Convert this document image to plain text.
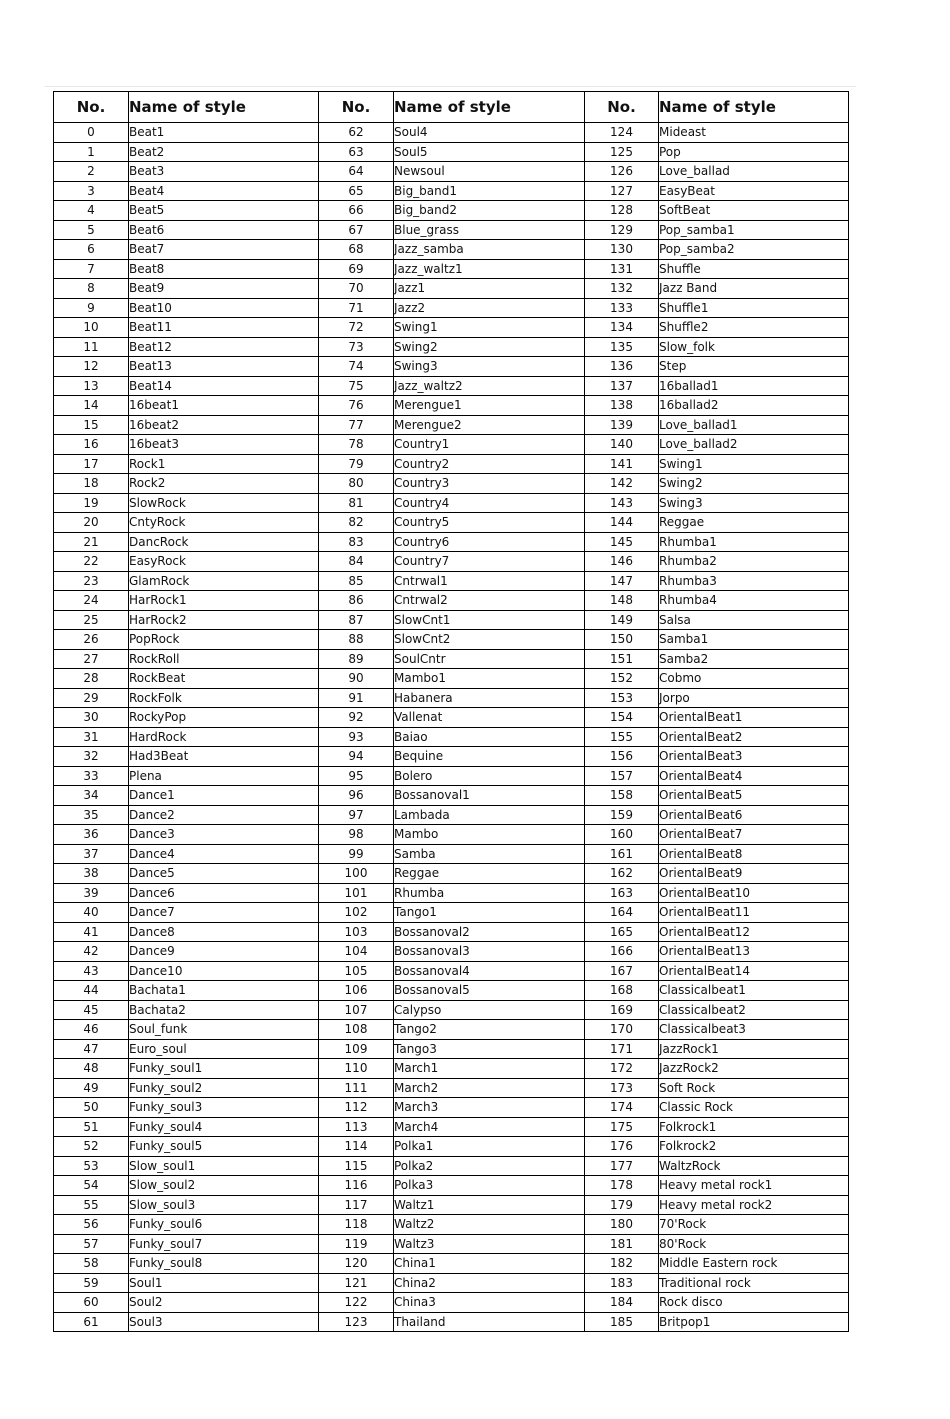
No.	Name of style	No.	Name of style	No.	Name of style
0	Beat1	62	Soul4	124	Mideast
1	Beat2	63	Soul5	125	Pop
2	Beat3	64	Newsoul	126	Love_ballad
3	Beat4	65	Big_band1	127	EasyBeat
4	Beat5	66	Big_band2	128	SoftBeat
5	Beat6	67	Blue_grass	129	Pop_samba1
6	Beat7	68	Jazz_samba	130	Pop_samba2
7	Beat8	69	Jazz_waltz1	131	Shuffle
8	Beat9	70	Jazz1	132	Jazz Band
9	Beat10	71	Jazz2	133	Shuffle1
10	Beat11	72	Swing1	134	Shuffle2
11	Beat12	73	Swing2	135	Slow_folk
12	Beat13	74	Swing3	136	Step
13	Beat14	75	Jazz_waltz2	137	16ballad1
14	16beat1	76	Merengue1	138	16ballad2
15	16beat2	77	Merengue2	139	Love_ballad1
16	16beat3	78	Country1	140	Love_ballad2
17	Rock1	79	Country2	141	Swing1
18	Rock2	80	Country3	142	Swing2
19	SlowRock	81	Country4	143	Swing3
20	CntyRock	82	Country5	144	Reggae
21	DancRock	83	Country6	145	Rhumba1
22	EasyRock	84	Country7	146	Rhumba2
23	GlamRock	85	Cntrwal1	147	Rhumba3
24	HarRock1	86	Cntrwal2	148	Rhumba4
25	HarRock2	87	SlowCnt1	149	Salsa
26	PopRock	88	SlowCnt2	150	Samba1
27	RockRoll	89	SoulCntr	151	Samba2
28	RockBeat	90	Mambo1	152	Cobmo
29	RockFolk	91	Habanera	153	Jorpo
30	RockyPop	92	Vallenat	154	OrientalBeat1
31	HardRock	93	Baiao	155	OrientalBeat2
32	Had3Beat	94	Bequine	156	OrientalBeat3
33	Plena	95	Bolero	157	OrientalBeat4
34	Dance1	96	Bossanoval1	158	OrientalBeat5
35	Dance2	97	Lambada	159	OrientalBeat6
36	Dance3	98	Mambo	160	OrientalBeat7
37	Dance4	99	Samba	161	OrientalBeat8
38	Dance5	100	Reggae	162	OrientalBeat9
39	Dance6	101	Rhumba	163	OrientalBeat10
40	Dance7	102	Tango1	164	OrientalBeat11
41	Dance8	103	Bossanoval2	165	OrientalBeat12
42	Dance9	104	Bossanoval3	166	OrientalBeat13
43	Dance10	105	Bossanoval4	167	OrientalBeat14
44	Bachata1	106	Bossanoval5	168	Classicalbeat1
45	Bachata2	107	Calypso	169	Classicalbeat2
46	Soul_funk	108	Tango2	170	Classicalbeat3
47	Euro_soul	109	Tango3	171	JazzRock1
48	Funky_soul1	110	March1	172	JazzRock2
49	Funky_soul2	111	March2	173	Soft Rock
50	Funky_soul3	112	March3	174	Classic Rock
51	Funky_soul4	113	March4	175	Folkrock1
52	Funky_soul5	114	Polka1	176	Folkrock2
53	Slow_soul1	115	Polka2	177	WaltzRock
54	Slow_soul2	116	Polka3	178	Heavy metal rock1
55	Slow_soul3	117	Waltz1	179	Heavy metal rock2
56	Funky_soul6	118	Waltz2	180	70'Rock
57	Funky_soul7	119	Waltz3	181	80'Rock
58	Funky_soul8	120	China1	182	Middle Eastern rock
59	Soul1	121	China2	183	Traditional rock
60	Soul2	122	China3	184	Rock disco
61	Soul3	123	Thailand	185	Britpop1
